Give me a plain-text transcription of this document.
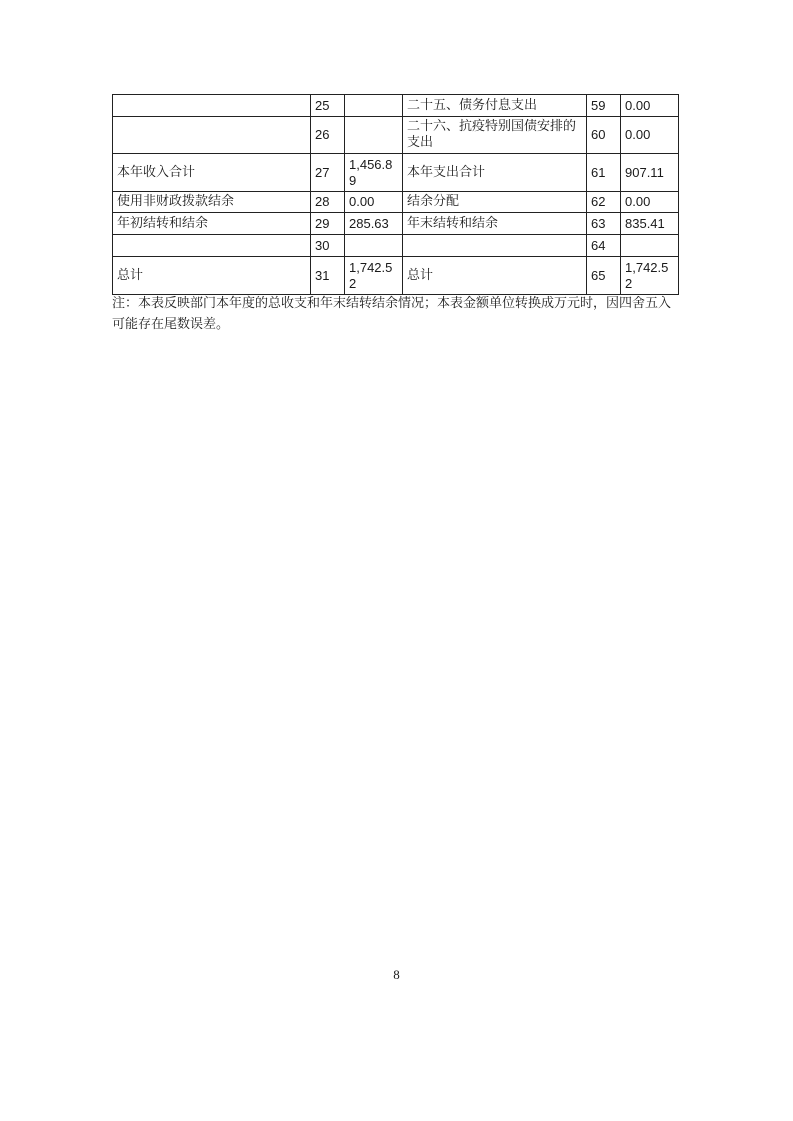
	25		二十五、债务付息支出	59	0.00
	26		二十六、抗疫特别国债安排的支出	60	0.00
本年收入合计	27	1,456.89	本年支出合计	61	907.11
使用非财政拨款结余	28	0.00	结余分配	62	0.00
年初结转和结余	29	285.63	年末结转和结余	63	835.41
	30			64	
总计	31	1,742.52	总计	65	1,742.52
注：本表反映部门本年度的总收支和年末结转结余情况；本表金额单位转换成万元时，因四舍五入可能存在尾数误差。
8
